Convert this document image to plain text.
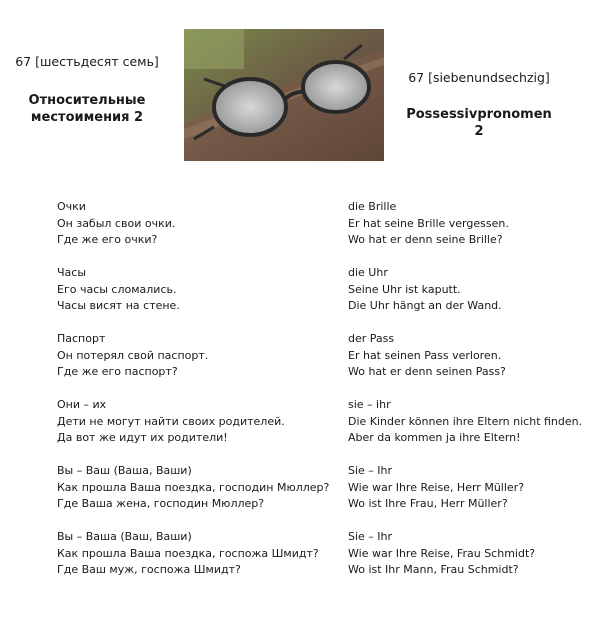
67 [шестьдесят семь]
Относительные местоимения 2
67 [siebenundsechzig]
Possessivpronomen 2
Очки
Он забыл свои очки.
Где же его очки?
Часы
Его часы сломались.
Часы висят на стене.
Паспорт
Он потерял свой паспорт.
Где же его паспорт?
Они – их
Дети не могут найти своих родителей.
Да вот же идут их родители!
Вы – Ваш (Ваша, Ваши)
Как прошла Ваша поездка, господин Мюллер?
Где Ваша жена, господин Мюллер?
Вы – Ваша (Ваш, Ваши)
Как прошла Ваша поездка, госпожа Шмидт?
Где Ваш муж, госпожа Шмидт?
die Brille
Er hat seine Brille vergessen.
Wo hat er denn seine Brille?
die Uhr
Seine Uhr ist kaputt.
Die Uhr hängt an der Wand.
der Pass
Er hat seinen Pass verloren.
Wo hat er denn seinen Pass?
sie – ihr
Die Kinder können ihre Eltern nicht finden.
Aber da kommen ja ihre Eltern!
Sie – Ihr
Wie war Ihre Reise, Herr Müller?
Wo ist Ihre Frau, Herr Müller?
Sie – Ihr
Wie war Ihre Reise, Frau Schmidt?
Wo ist Ihr Mann, Frau Schmidt?
